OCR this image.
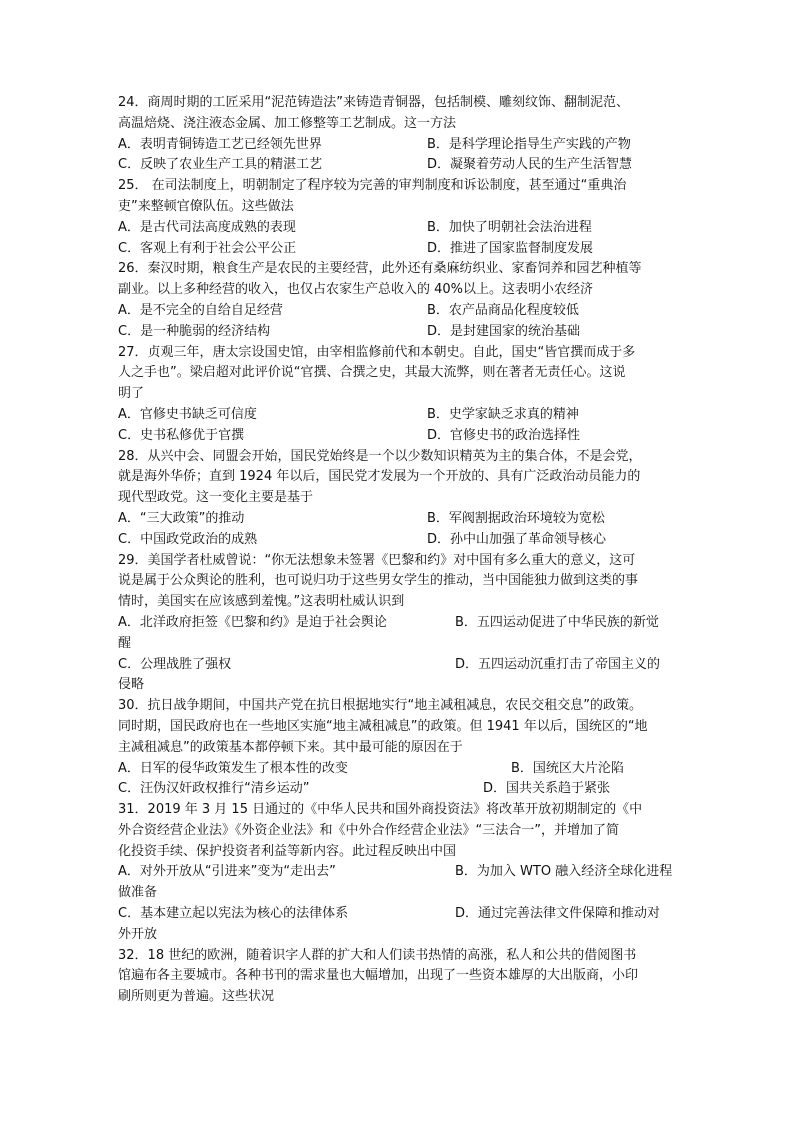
24．商周时期的工匠采用“泥范铸造法”来铸造青铜器，包括制模、雕刻纹饰、翻制泥范、
高温焙烧、浇注液态金属、加工修整等工艺制成。这一方法
A．表明青铜铸造工艺已经领先世界	B．是科学理论指导生产实践的产物
C．反映了农业生产工具的精湛工艺	D．凝聚着劳动人民的生产生活智慧
25． 在司法制度上，明朝制定了程序较为完善的审判制度和诉讼制度，甚至通过“重典治
吏”来整顿官僚队伍。这些做法
A．是古代司法高度成熟的表现	B．加快了明朝社会法治进程
C．客观上有利于社会公平公正	D．推进了国家监督制度发展
26．秦汉时期，粮食生产是农民的主要经营，此外还有桑麻纺织业、家畜饲养和园艺种植等
副业。以上多种经营的收入，也仅占农家生产总收入的 40%以上。这表明小农经济
A．是不完全的自给自足经营	B．农产品商品化程度较低
C．是一种脆弱的经济结构	D．是封建国家的统治基础
27．贞观三年，唐太宗设国史馆，由宰相监修前代和本朝史。自此，国史“皆官撰而成于多
人之手也”。梁启超对此评价说“官撰、合撰之史，其最大流弊，则在著者无责任心。这说
明了
A．官修史书缺乏可信度	B．史学家缺乏求真的精神
C．史书私修优于官撰	D．官修史书的政治选择性
28．从兴中会、同盟会开始，国民党始终是一个以少数知识精英为主的集合体，不是会党，
就是海外华侨；直到 1924 年以后，国民党才发展为一个开放的、具有广泛政治动员能力的
现代型政党。这一变化主要是基于
A．“三大政策”的推动	B．军阀割据政治环境较为宽松
C．中国政党政治的成熟	D．孙中山加强了革命领导核心
29．美国学者杜威曾说：“你无法想象未签署《巴黎和约》对中国有多么重大的意义，这可
说是属于公众舆论的胜利，也可说归功于这些男女学生的推动，当中国能独力做到这类的事
情时，美国实在应该感到羞愧。”这表明杜威认识到
A．北洋政府拒签《巴黎和约》是迫于社会舆论	B．五四运动促进了中华民族的新觉
醒
C．公理战胜了强权	D．五四运动沉重打击了帝国主义的
侵略
30．抗日战争期间，中国共产党在抗日根据地实行“地主减租减息，农民交租交息”的政策。
同时期，国民政府也在一些地区实施“地主减租减息”的政策。但 1941 年以后，国统区的“地
主减租减息”的政策基本都停顿下来。其中最可能的原因在于
A．日军的侵华政策发生了根本性的改变	B．国统区大片沦陷
C．汪伪汉奸政权推行“清乡运动”	D．国共关系趋于紧张
31．2019 年 3 月 15 日通过的《中华人民共和国外商投资法》将改革开放初期制定的《中
外合资经营企业法》《外资企业法》和《中外合作经营企业法》“三法合一”，并增加了简
化投资手续、保护投资者利益等新内容。此过程反映出中国
A．对外开放从“引进来”变为“走出去”	B．为加入 WTO 融入经济全球化进程
做准备
C．基本建立起以宪法为核心的法律体系	D．通过完善法律文件保障和推动对
外开放
32．18 世纪的欧洲，随着识字人群的扩大和人们读书热情的高涨，私人和公共的借阅图书
馆遍布各主要城市。各种书刊的需求量也大幅增加，出现了一些资本雄厚的大出版商，小印
刷所则更为普遍。这些状况
